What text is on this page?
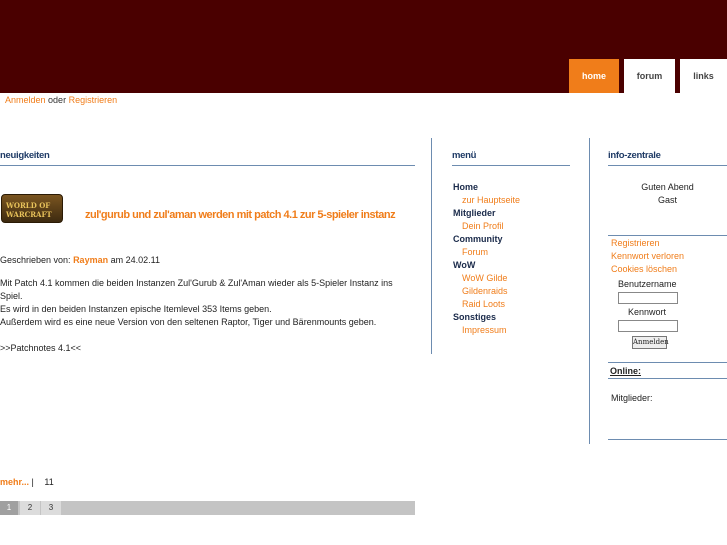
home	forum	links
Anmelden oder Registrieren
neuigkeiten
WORLD OF WARCRAFT	zul'gurub und zul'aman werden mit patch 4.1 zur 5-spieler instanz
Geschrieben von: Rayman am 24.02.11
Mit Patch 4.1 kommen die beiden Instanzen Zul'Gurub & Zul'Aman wieder als 5-Spieler Instanz ins
Spiel.
Es wird in den beiden Instanzen epische Itemlevel 353 Items geben.
Außerdem wird es eine neue Version von den seltenen Raptor, Tiger und Bärenmounts geben.
>>Patchnotes 4.1<<
mehr... | 11
1	2	3
menü
Home
zur Hauptseite
Mitglieder
Dein Profil
Community
Forum
WoW
WoW Gilde
Gildenraids
Raid Loots
Sonstiges
Impressum
info-zentrale
Guten Abend
Gast
Registrieren
Kennwort verloren
Cookies löschen
Benutzername
Kennwort
Anmelden
Online:
Mitglieder:
